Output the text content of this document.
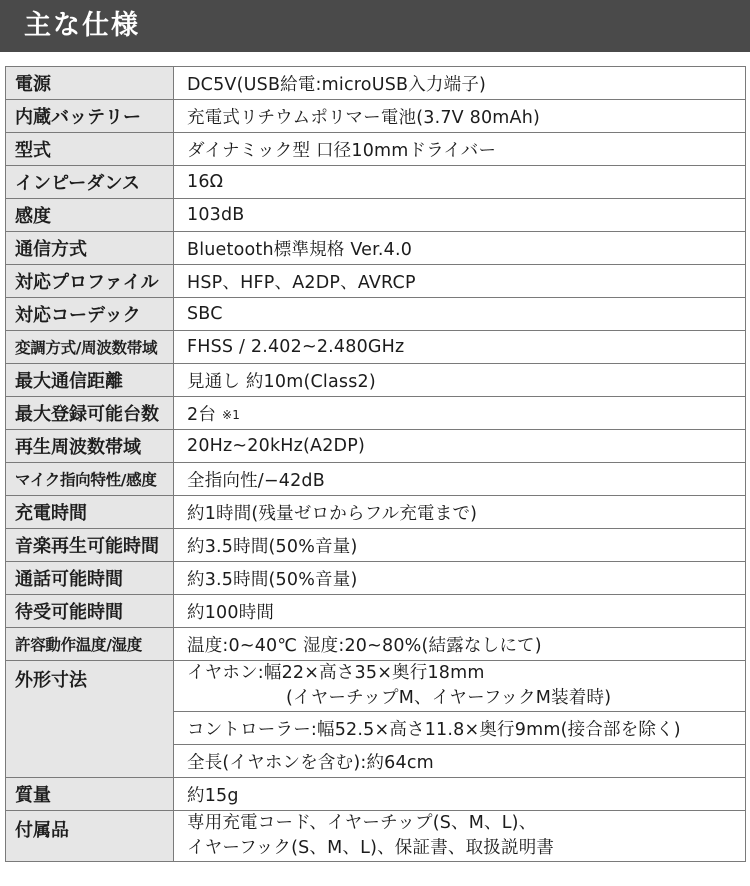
主な仕様
電源	DC5V(USB給電:microUSB入力端子)
内蔵バッテリー	充電式リチウムポリマー電池(3.7V 80mAh)
型式	ダイナミック型 口径10mmドライバー
インピーダンス	16Ω
感度	103dB
通信方式	Bluetooth標準規格 Ver.4.0
対応プロファイル	HSP、HFP、A2DP、AVRCP
対応コーデック	SBC
変調方式/周波数帯域	FHSS / 2.402~2.480GHz
最大通信距離	見通し 約10m(Class2)
最大登録可能台数	2台 ※1
再生周波数帯域	20Hz~20kHz(A2DP)
マイク指向特性/感度	全指向性/−42dB
充電時間	約1時間(残量ゼロからフル充電まで)
音楽再生可能時間	約3.5時間(50%音量)
通話可能時間	約3.5時間(50%音量)
待受可能時間	約100時間
許容動作温度/湿度	温度:0~40℃ 湿度:20~80%(結露なしにて)
外形寸法	イヤホン:幅22×高さ35×奥行18mm
(イヤーチップM、イヤーフックM装着時)

	コントローラー:幅52.5×高さ11.8×奥行9mm(接合部を除く)
	全長(イヤホンを含む):約64cm
質量	約15g
付属品	専用充電コード、イヤーチップ(S、M、L)、
イヤーフック(S、M、L)、保証書、取扱説明書
